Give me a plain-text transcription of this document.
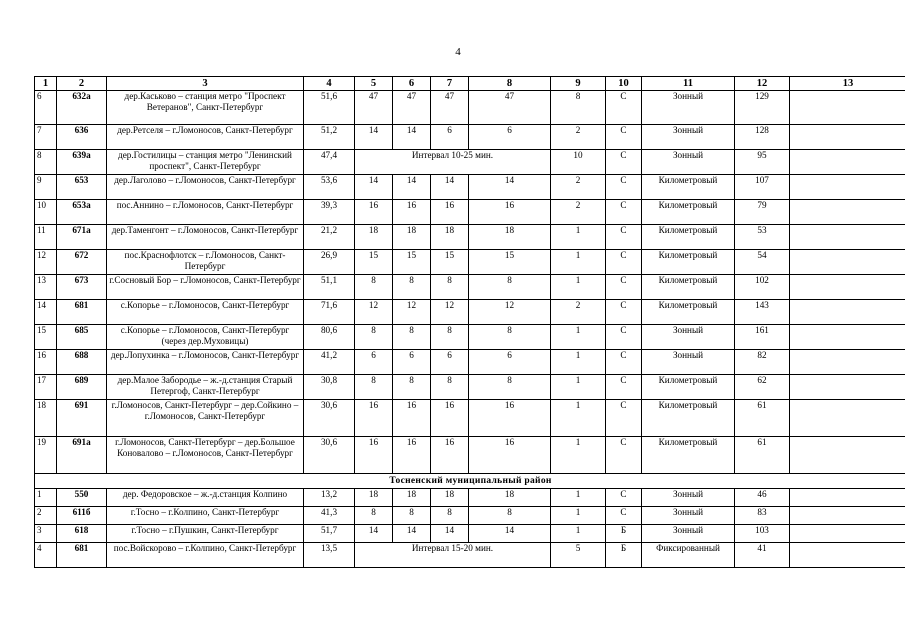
4
1	2	3	4	5	6	7	8	9	10	11	12	13
6	632а	дер.Каськово – станция метро "Проспект Ветеранов", Санкт-Петербург	51,6	47	47	47	47	8	С	Зонный	129	
7	636	дер.Ретселя – г.Ломоносов, Санкт-Петербург	51,2	14	14	6	6	2	С	Зонный	128	
8	639а	дер.Гостилицы – станция метро "Ленинский проспект", Санкт-Петербург	47,4	Интервал 10-25 мин.				10	С	Зонный	95	
9	653	дер.Лаголово – г.Ломоносов, Санкт-Петербург	53,6	14	14	14	14	2	С	Километровый	107	
10	653а	пос.Аннино – г.Ломоносов, Санкт-Петербург	39,3	16	16	16	16	2	С	Километровый	79	
11	671а	дер.Таменгонт – г.Ломоносов, Санкт-Петербург	21,2	18	18	18	18	1	С	Километровый	53	
12	672	пос.Краснофлотск – г.Ломоносов, Санкт-Петербург	26,9	15	15	15	15	1	С	Километровый	54	
13	673	г.Сосновый Бор – г.Ломоносов, Санкт-Петербург	51,1	8	8	8	8	1	С	Километровый	102	
14	681	с.Копорье – г.Ломоносов, Санкт-Петербург	71,6	12	12	12	12	2	С	Километровый	143	
15	685	с.Копорье – г.Ломоносов, Санкт-Петербург (через дер.Муховицы)	80,6	8	8	8	8	1	С	Зонный	161	
16	688	дер.Лопухинка – г.Ломоносов, Санкт-Петербург	41,2	6	6	6	6	1	С	Зонный	82	
17	689	дер.Малое Забородье – ж.-д.станция Старый Петергоф, Санкт-Петербург	30,8	8	8	8	8	1	С	Километровый	62	
18	691	г.Ломоносов, Санкт-Петербург – дер.Сойкино – г.Ломоносов, Санкт-Петербург	30,6	16	16	16	16	1	С	Километровый	61	
19	691а	г.Ломоносов, Санкт-Петербург – дер.Большое Коновалово – г.Ломоносов, Санкт-Петербург	30,6	16	16	16	16	1	С	Километровый	61	
Тосненский муниципальный район												
1	550	дер. Федоровское – ж.-д.станция Колпино	13,2	18	18	18	18	1	С	Зонный	46	
2	611б	г.Тосно – г.Колпино, Санкт-Петербург	41,3	8	8	8	8	1	С	Зонный	83	
3	618	г.Тосно – г.Пушкин, Санкт-Петербург	51,7	14	14	14	14	1	Б	Зонный	103	
4	681	пос.Войскорово – г.Колпино, Санкт-Петербург	13,5	Интервал 15-20 мин.				5	Б	Фиксированный	41	
